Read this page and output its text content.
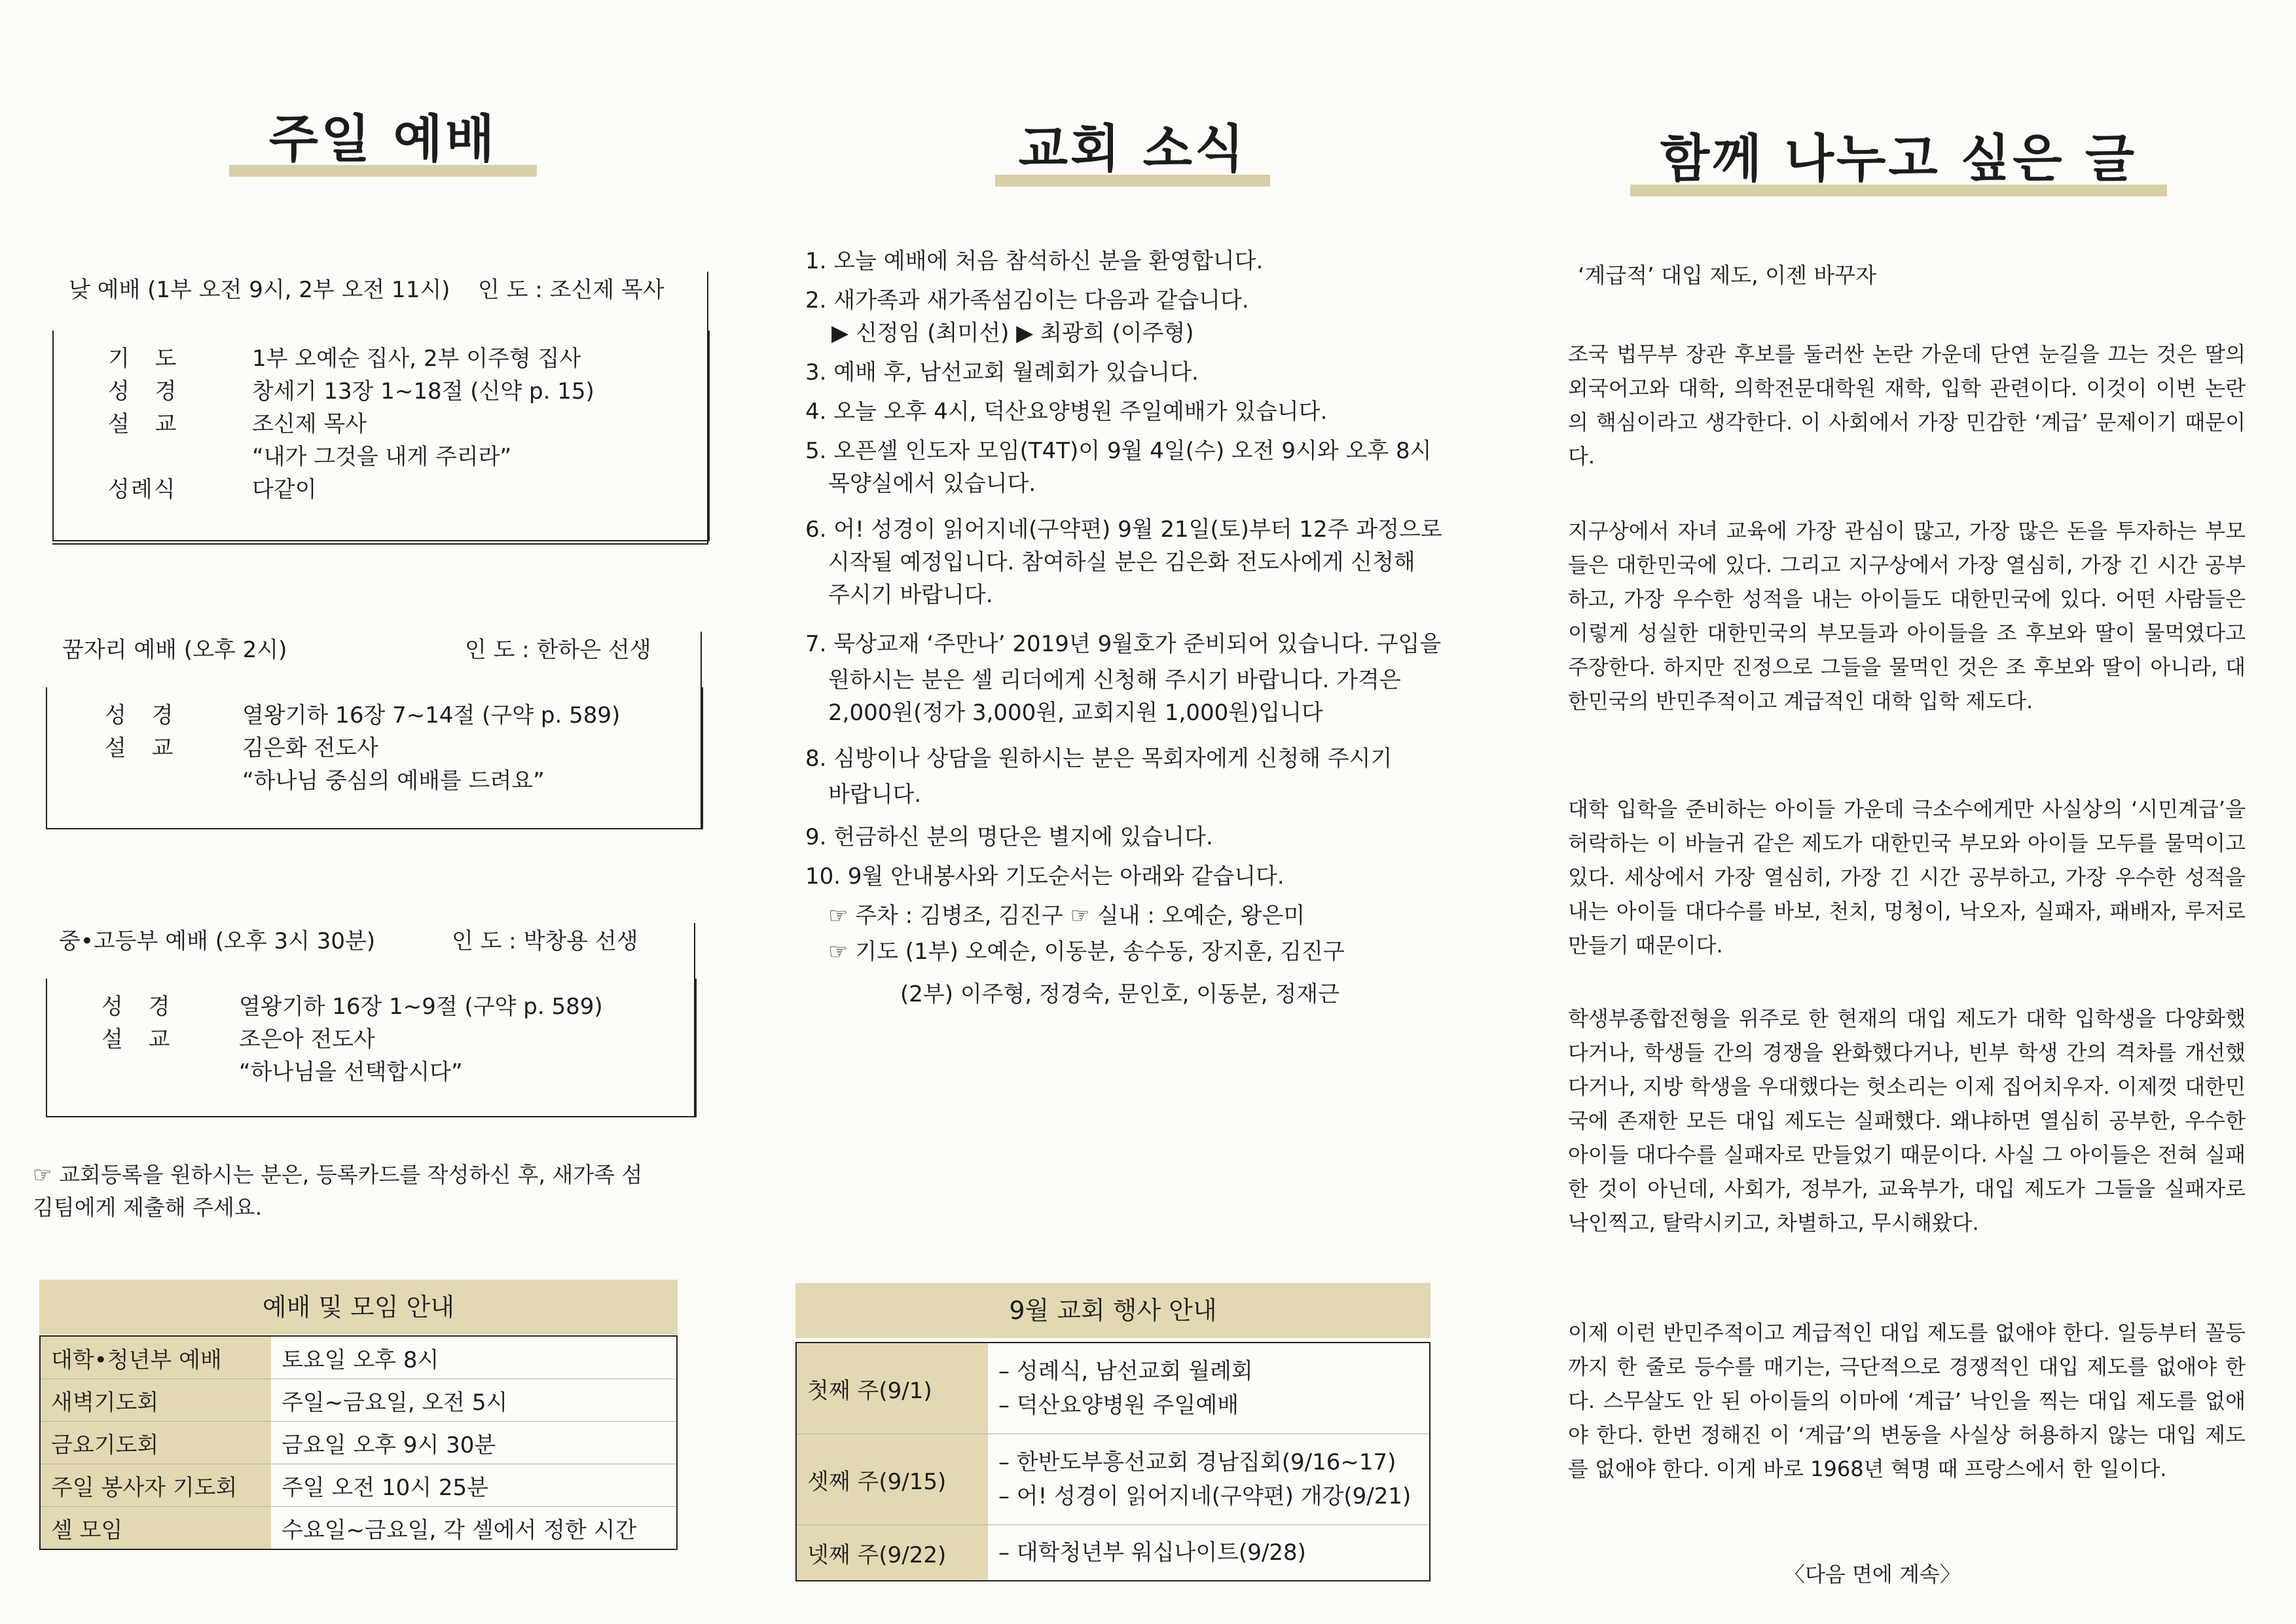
주일 예배
낮 예배 (1부 오전 9시, 2부 오전 11시) 인 도 : 조신제 목사
기 도	1부 오예순 집사, 2부 이주형 집사
성 경	창세기 13장 1~18절 (신약 p. 15)
설 교	조신제 목사
“내가 그것을 내게 주리라”
성례식	다같이
꿈자리 예배 (오후 2시)	인 도 : 한하은 선생
성 경	열왕기하 16장 7~14절 (구약 p. 589)
설 교	김은화 전도사
“하나님 중심의 예배를 드려요”
중•고등부 예배 (오후 3시 30분)	인 도 : 박창용 선생
성 경	열왕기하 16장 1~9절 (구약 p. 589)
설 교	조은아 전도사
“하나님을 선택합시다”
☞ 교회등록을 원하시는 분은, 등록카드를 작성하신 후, 새가족 섬김팀에게 제출해 주세요.
예배 및 모임 안내
대학•청년부 예배	토요일 오후 8시
새벽기도회	주일~금요일, 오전 5시
금요기도회	금요일 오후 9시 30분
주일 봉사자 기도회	주일 오전 10시 25분
셀 모임	수요일~금요일, 각 셀에서 정한 시간
교회 소식
1. 오늘 예배에 처음 참석하신 분을 환영합니다.
2. 새가족과 새가족섬김이는 다음과 같습니다.
▶ 신정임 (최미선) ▶ 최광희 (이주형)
3. 예배 후, 남선교회 월례회가 있습니다.
4. 오늘 오후 4시, 덕산요양병원 주일예배가 있습니다.
5. 오픈셀 인도자 모임(T4T)이 9월 4일(수) 오전 9시와 오후 8시
목양실에서 있습니다.
6. 어! 성경이 읽어지네(구약편) 9월 21일(토)부터 12주 과정으로
시작될 예정입니다. 참여하실 분은 김은화 전도사에게 신청해
주시기 바랍니다.
7. 묵상교재 ‘주만나’ 2019년 9월호가 준비되어 있습니다. 구입을
원하시는 분은 셀 리더에게 신청해 주시기 바랍니다. 가격은
2,000원(정가 3,000원, 교회지원 1,000원)입니다
8. 심방이나 상담을 원하시는 분은 목회자에게 신청해 주시기
바랍니다.
9. 헌금하신 분의 명단은 별지에 있습니다.
10. 9월 안내봉사와 기도순서는 아래와 같습니다.
☞ 주차 : 김병조, 김진구 ☞ 실내 : 오예순, 왕은미
☞ 기도 (1부) 오예순, 이동분, 송수동, 장지훈, 김진구
(2부) 이주형, 정경숙, 문인호, 이동분, 정재근
9월 교회 행사 안내
첫째 주(9/1)	– 성례식, 남선교회 월례회
– 덕산요양병원 주일예배

셋째 주(9/15)	– 한반도부흥선교회 경남집회(9/16~17)
– 어! 성경이 읽어지네(구약편) 개강(9/21)

넷째 주(9/22)	– 대학청년부 워십나이트(9/28)
함께 나누고 싶은 글
‘계급적’ 대입 제도, 이젠 바꾸자
조국 법무부 장관 후보를 둘러싼 논란 가운데 단연 눈길을 끄는 것은 딸의 외국어고와 대학, 의학전문대학원 재학, 입학 관련이다. 이것이 이번 논란의 핵심이라고 생각한다. 이 사회에서 가장 민감한 ‘계급’ 문제이기 때문이다.
지구상에서 자녀 교육에 가장 관심이 많고, 가장 많은 돈을 투자하는 부모들은 대한민국에 있다. 그리고 지구상에서 가장 열심히, 가장 긴 시간 공부하고, 가장 우수한 성적을 내는 아이들도 대한민국에 있다. 어떤 사람들은 이렇게 성실한 대한민국의 부모들과 아이들을 조 후보와 딸이 물먹였다고 주장한다. 하지만 진정으로 그들을 물먹인 것은 조 후보와 딸이 아니라, 대한민국의 반민주적이고 계급적인 대학 입학 제도다.
대학 입학을 준비하는 아이들 가운데 극소수에게만 사실상의 ‘시민계급’을 허락하는 이 바늘귀 같은 제도가 대한민국 부모와 아이들 모두를 물먹이고 있다. 세상에서 가장 열심히, 가장 긴 시간 공부하고, 가장 우수한 성적을 내는 아이들 대다수를 바보, 천치, 멍청이, 낙오자, 실패자, 패배자, 루저로 만들기 때문이다.
학생부종합전형을 위주로 한 현재의 대입 제도가 대학 입학생을 다양화했다거나, 학생들 간의 경쟁을 완화했다거나, 빈부 학생 간의 격차를 개선했다거나, 지방 학생을 우대했다는 헛소리는 이제 집어치우자. 이제껏 대한민국에 존재한 모든 대입 제도는 실패했다. 왜냐하면 열심히 공부한, 우수한 아이들 대다수를 실패자로 만들었기 때문이다. 사실 그 아이들은 전혀 실패한 것이 아닌데, 사회가, 정부가, 교육부가, 대입 제도가 그들을 실패자로 낙인찍고, 탈락시키고, 차별하고, 무시해왔다.
이제 이런 반민주적이고 계급적인 대입 제도를 없애야 한다. 일등부터 꼴등까지 한 줄로 등수를 매기는, 극단적으로 경쟁적인 대입 제도를 없애야 한다. 스무살도 안 된 아이들의 이마에 ‘계급’ 낙인을 찍는 대입 제도를 없애야 한다. 한번 정해진 이 ‘계급’의 변동을 사실상 허용하지 않는 대입 제도를 없애야 한다. 이게 바로 1968년 혁명 때 프랑스에서 한 일이다.
〈다음 면에 계속〉
